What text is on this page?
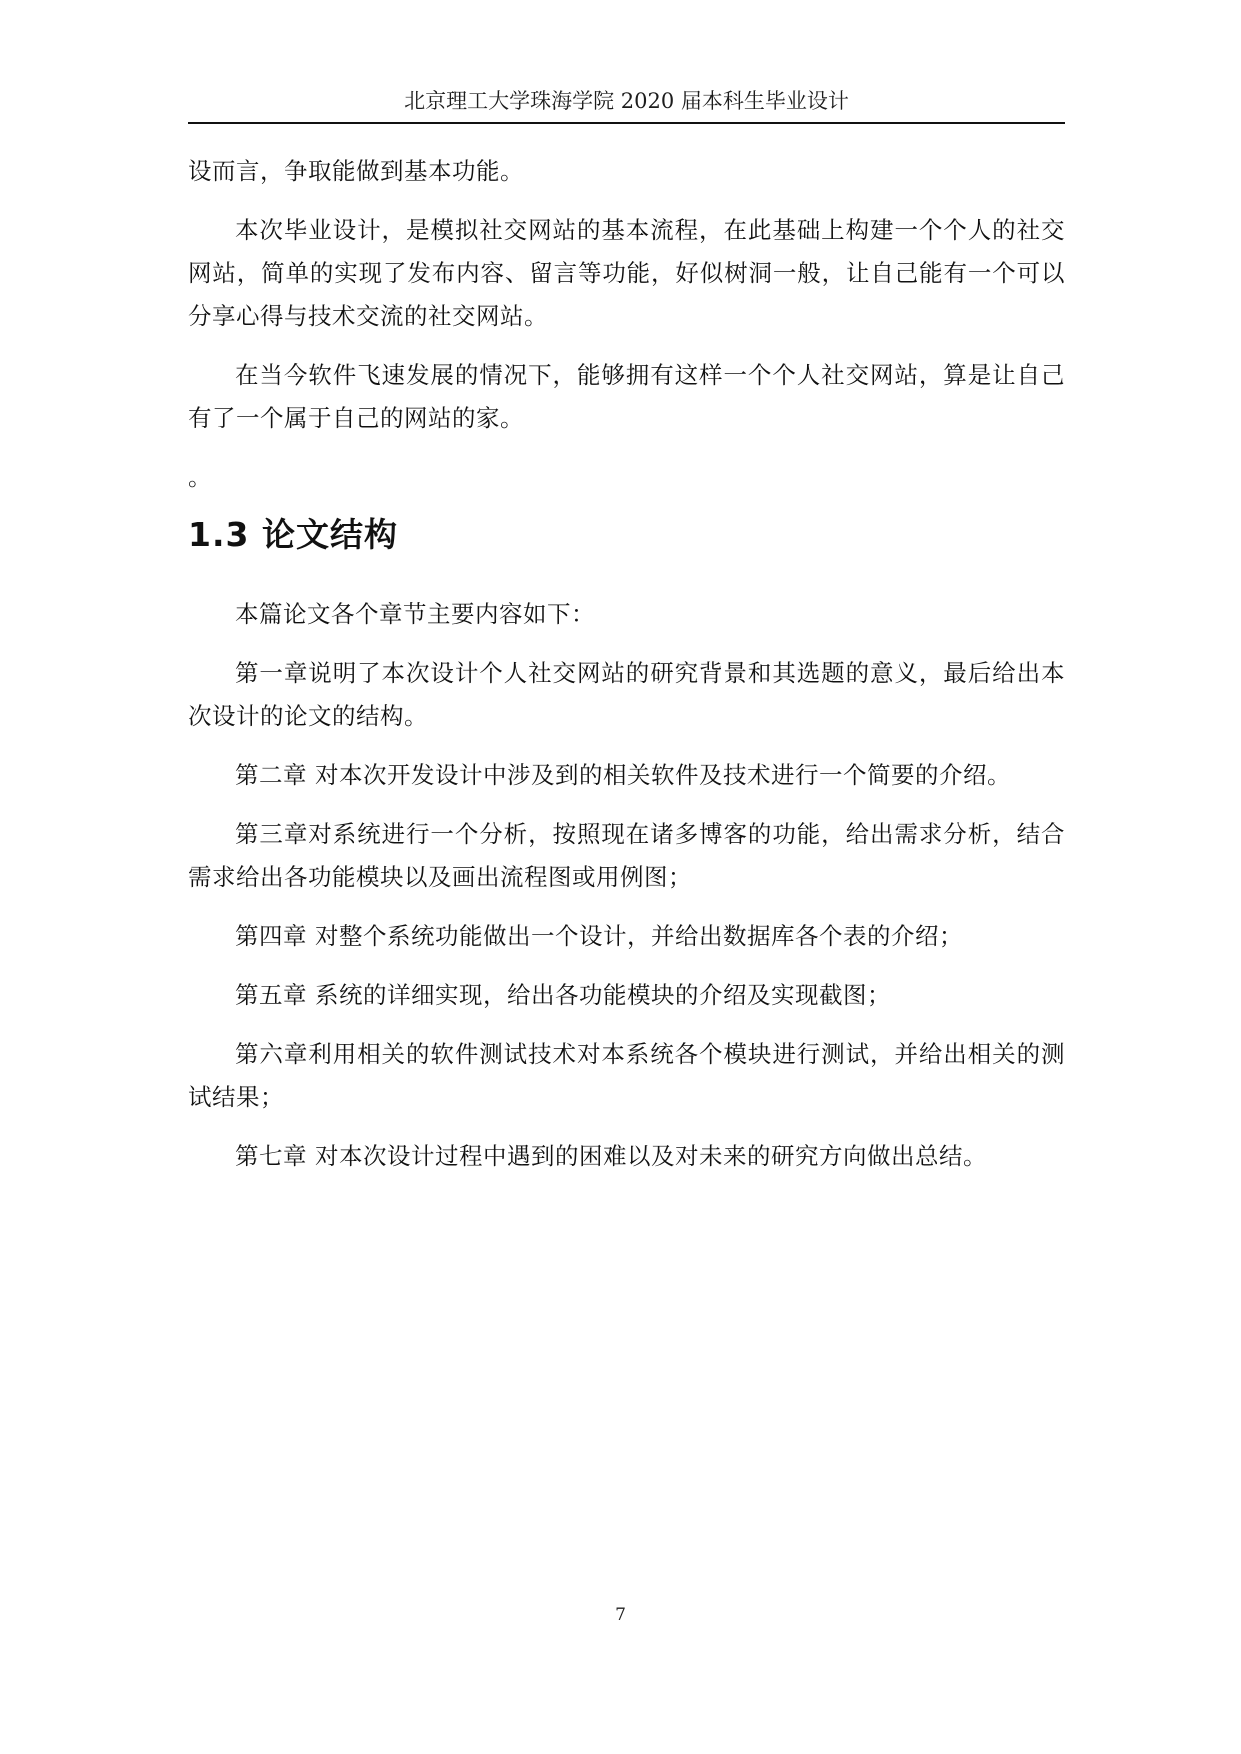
北京理工大学珠海学院 2020 届本科生毕业设计

设而言，争取能做到基本功能。

本次毕业设计，是模拟社交网站的基本流程，在此基础上构建一个个人的社交网站，简单的实现了发布内容、留言等功能，好似树洞一般，让自己能有一个可以分享心得与技术交流的社交网站。

在当今软件飞速发展的情况下，能够拥有这样一个个人社交网站，算是让自己有了一个属于自己的网站的家。

。

1.3 论文结构

本篇论文各个章节主要内容如下：

第一章说明了本次设计个人社交网站的研究背景和其选题的意义，最后给出本次设计的论文的结构。

第二章 对本次开发设计中涉及到的相关软件及技术进行一个简要的介绍。

第三章对系统进行一个分析，按照现在诸多博客的功能，给出需求分析，结合需求给出各功能模块以及画出流程图或用例图；

第四章 对整个系统功能做出一个设计，并给出数据库各个表的介绍；

第五章 系统的详细实现，给出各功能模块的介绍及实现截图；

第六章利用相关的软件测试技术对本系统各个模块进行测试，并给出相关的测试结果；

第七章 对本次设计过程中遇到的困难以及对未来的研究方向做出总结。

7
